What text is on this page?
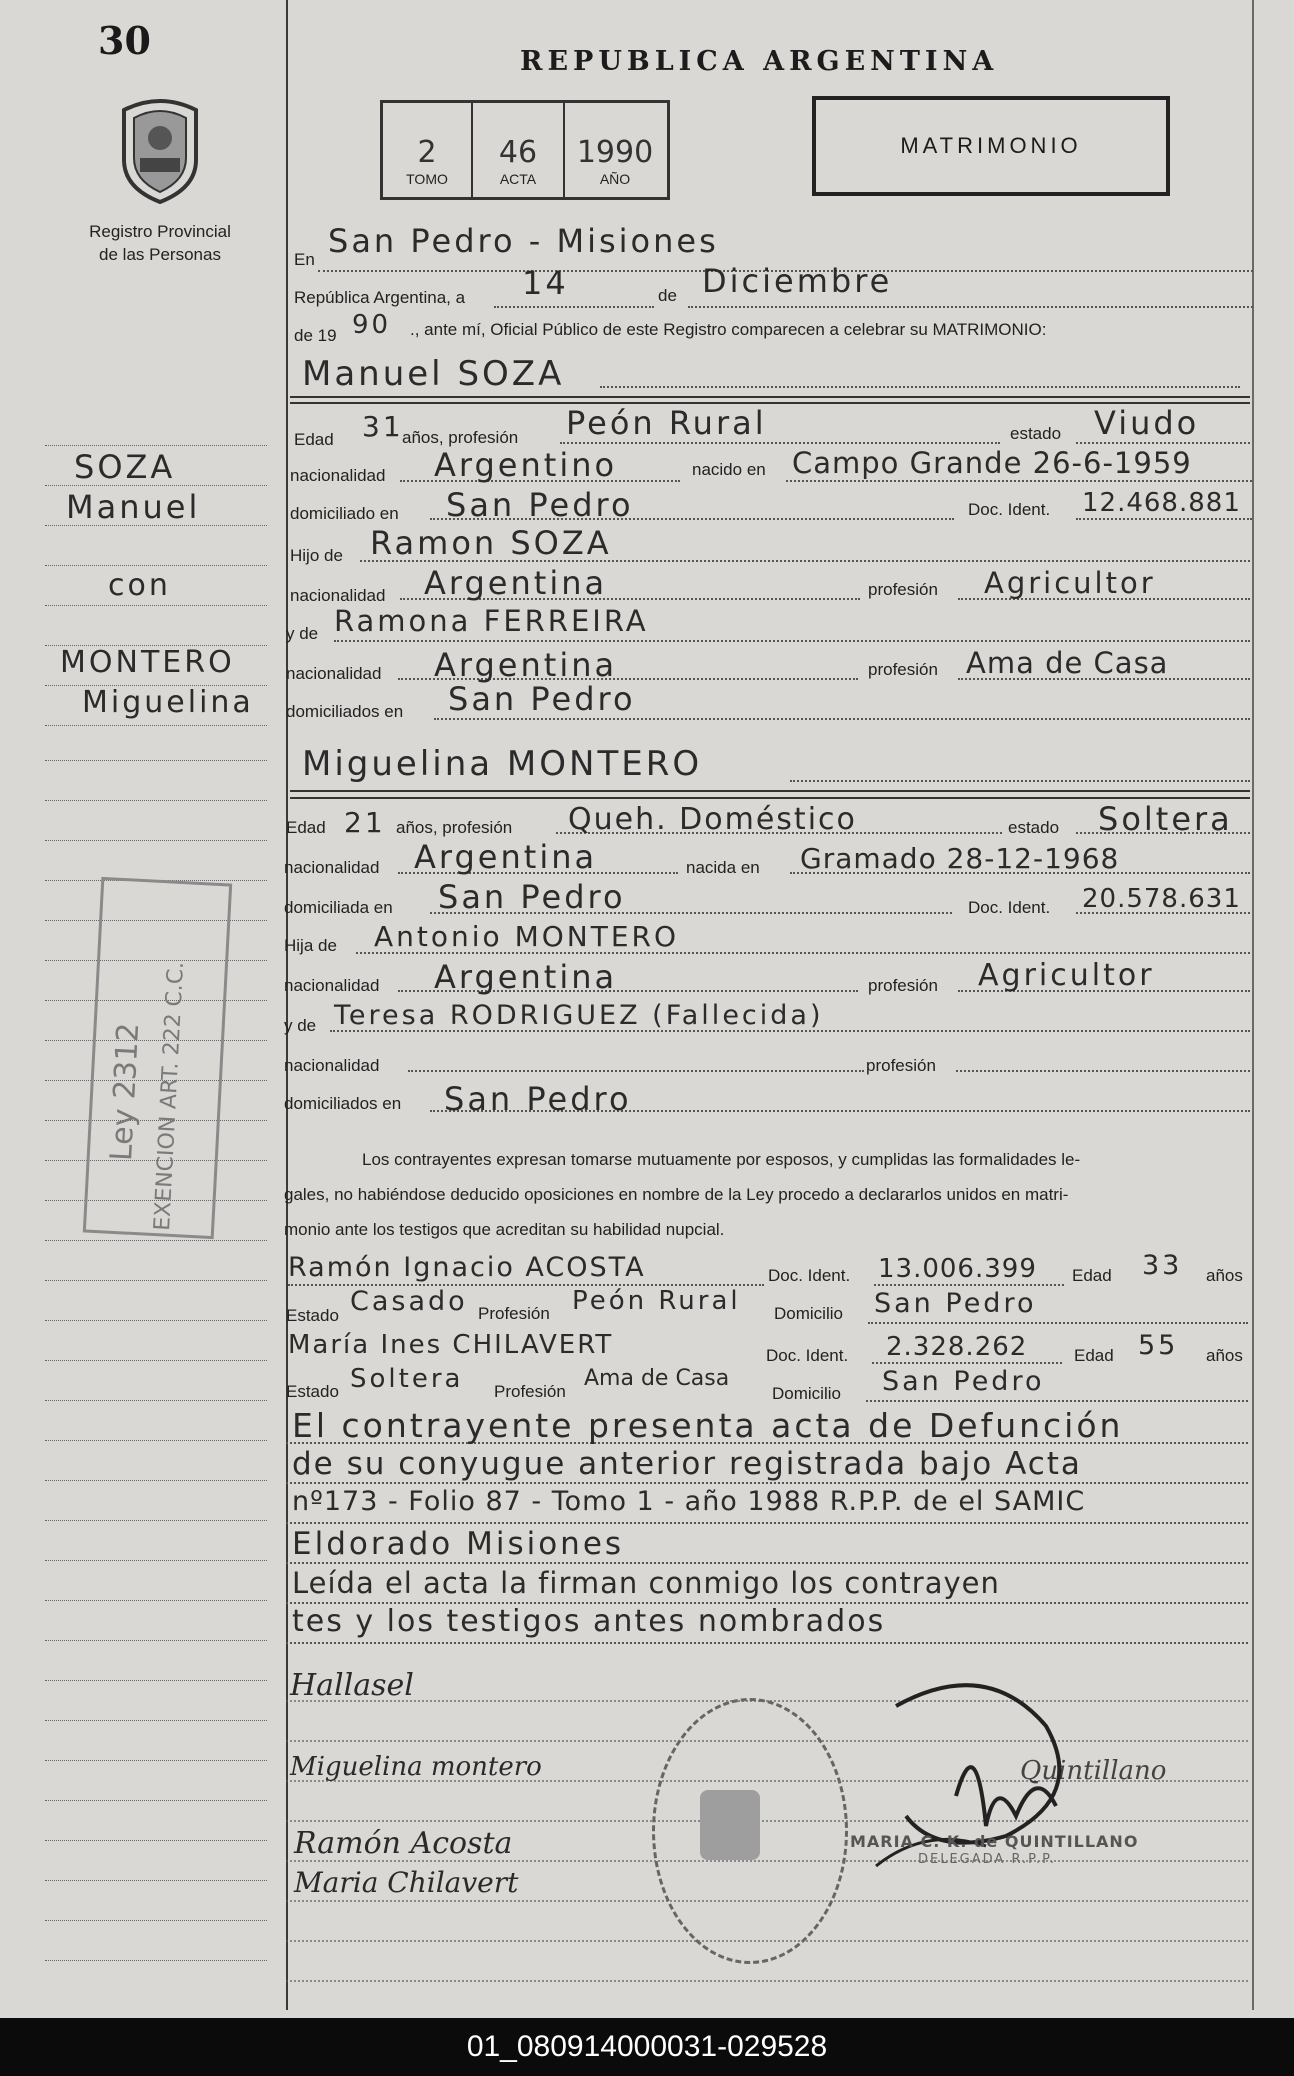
30
Registro Provincial
de las Personas
REPUBLICA ARGENTINA
2	46	1990
TOMO	ACTA	AÑO
MATRIMONIO
SOZA
Manuel
con
MONTERO
Miguelina
Ley 2312 EXENCION ART. 222 C.C.
En San Pedro - Misiones
República Argentina, a 14	de Diciembre
de 19 90 ., ante mí, Oficial Público de este Registro comparecen a celebrar su MATRIMONIO:
Manuel SOZA
Edad 31
años, profesión Peón Rural	estado Viudo
nacionalidad Argentino	nacido en Campo Grande 26-6-1959
domiciliado en San Pedro	Doc. Ident. 12.468.881
Hijo de Ramon SOZA
nacionalidad Argentina	profesión Agricultor
y de Ramona FERREIRA
nacionalidad Argentina	profesión Ama de Casa
domiciliados en San Pedro
Miguelina MONTERO
Edad 21 años, profesión Queh. Doméstico	estado Soltera
nacionalidad Argentina	nacida en Gramado 28-12-1968
domiciliada en San Pedro	Doc. Ident. 20.578.631
Hija de Antonio MONTERO
nacionalidad Argentina	profesión Agricultor
y de Teresa RODRIGUEZ (Fallecida)
nacionalidad	profesión
domiciliados en San Pedro
Los contrayentes expresan tomarse mutuamente por esposos, y cumplidas las formalidades le-
gales, no habiéndose deducido oposiciones en nombre de la Ley procedo a declararlos unidos en matri-
monio ante los testigos que acreditan su habilidad nupcial.
Ramón Ignacio ACOSTA	Doc. Ident. 13.006.399 Edad 33 años
Estado Casado Profesión Peón Rural Domicilio San Pedro
María Ines CHILAVERT	Doc. Ident. 2.328.262	Edad 55 años
Estado Soltera Profesión
Ama de Casa
Domicilio San Pedro
El contrayente presenta acta de Defunción
de su conyugue anterior registrada bajo Acta
nº173 - Folio 87 - Tomo 1 - año 1988 R.P.P. de el SAMIC
Eldorado Misiones
Leída el acta la firman conmigo los contrayen
tes y los testigos antes nombrados
Hallasel
Miguelina montero
Ramón Acosta
Maria Chilavert
Quintillano
MARIA C. K. de QUINTILLANO
DELEGADA R.P.P.
01_080914000031-029528
